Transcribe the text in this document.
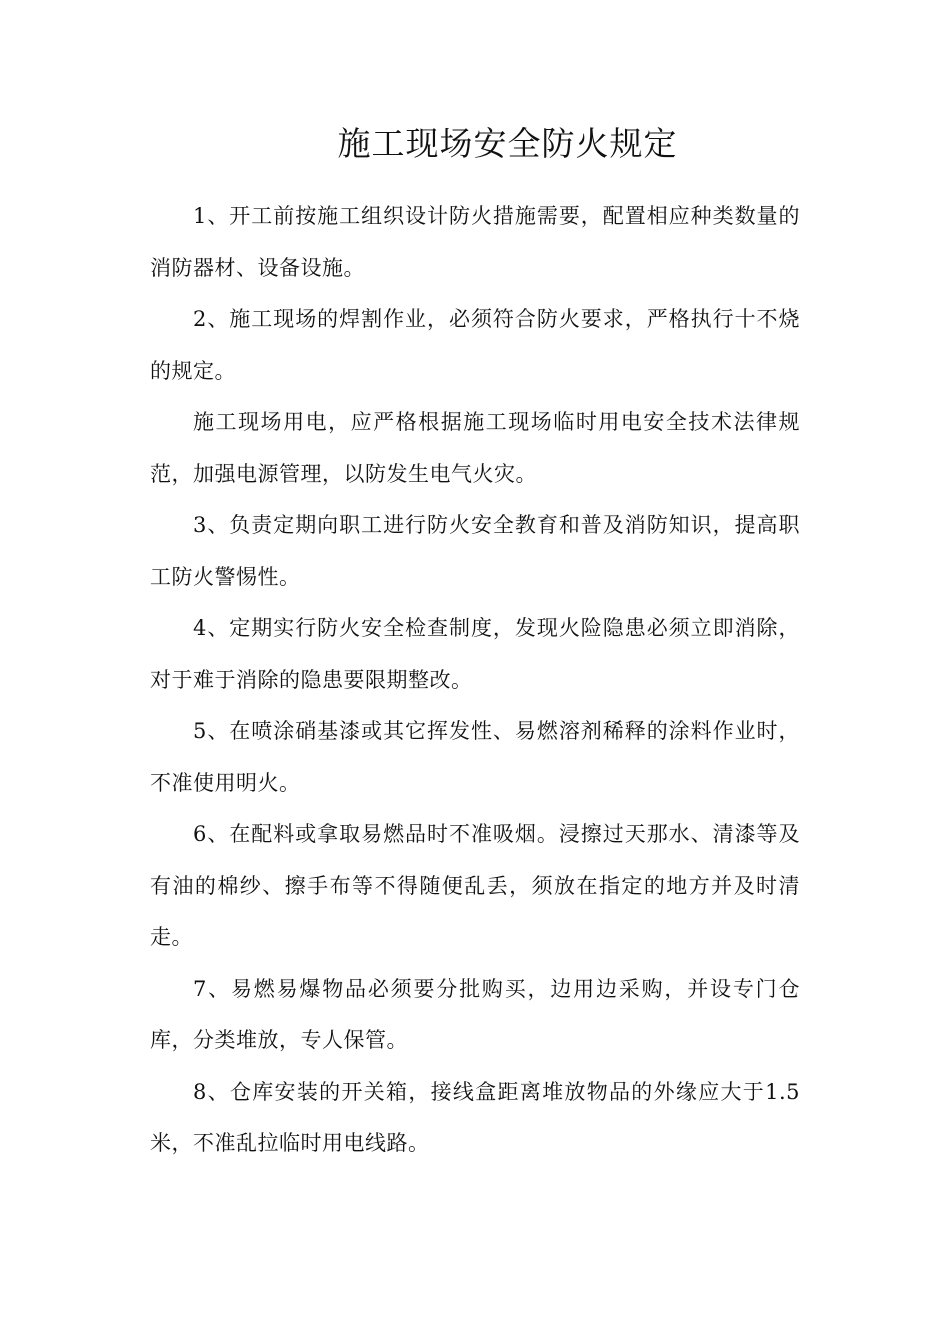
施工现场安全防火规定

1、开工前按施工组织设计防火措施需要，配置相应种类数量的消防器材、设备设施。

2、施工现场的焊割作业，必须符合防火要求，严格执行十不烧的规定。

施工现场用电，应严格根据施工现场临时用电安全技术法律规范，加强电源管理，以防发生电气火灾。

3、负责定期向职工进行防火安全教育和普及消防知识，提高职工防火警惕性。

4、定期实行防火安全检查制度，发现火险隐患必须立即消除，对于难于消除的隐患要限期整改。

5、在喷涂硝基漆或其它挥发性、易燃溶剂稀释的涂料作业时，不准使用明火。

6、在配料或拿取易燃品时不准吸烟。浸擦过天那水、清漆等及有油的棉纱、擦手布等不得随便乱丢，须放在指定的地方并及时清走。

7、易燃易爆物品必须要分批购买，边用边采购，并设专门仓库，分类堆放，专人保管。

8、仓库安装的开关箱，接线盒距离堆放物品的外缘应大于1.5米，不准乱拉临时用电线路。
